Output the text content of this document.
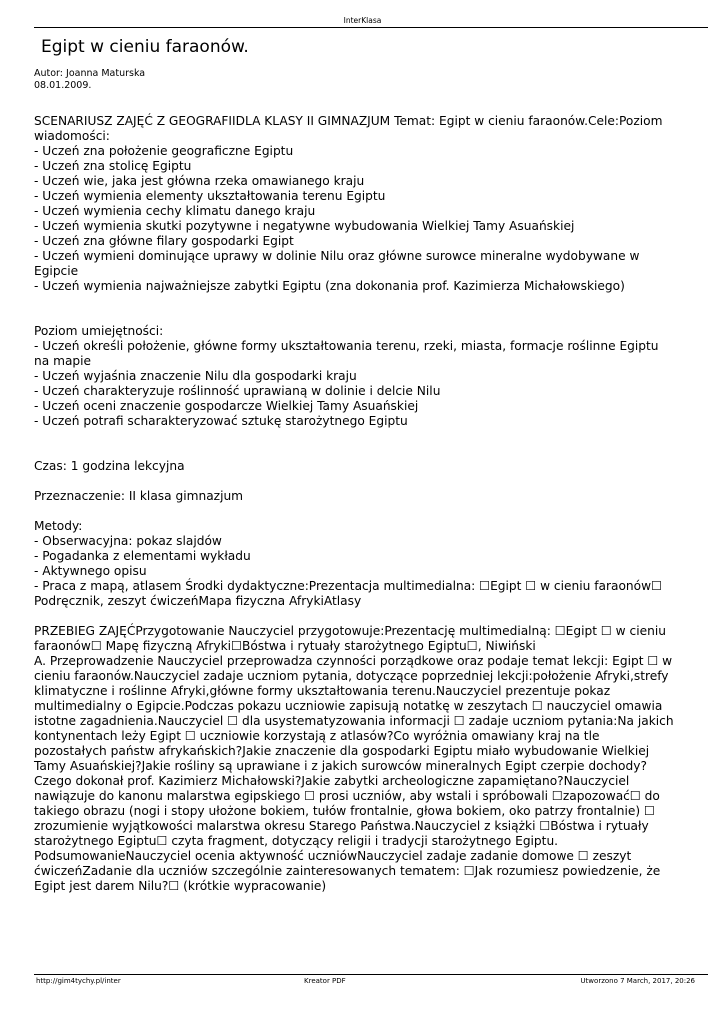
InterKlasa
Egipt w cieniu faraonów.
Autor: Joanna Maturska
08.01.2009.

SCENARIUSZ ZAJĘĆ Z GEOGRAFIIDLA KLASY II GIMNAZJUM Temat: Egipt w cieniu faraonów.Cele:Poziom wiadomości:

- Uczeń zna położenie geograficzne Egiptu
- Uczeń zna stolicę Egiptu
- Uczeń wie, jaka jest główna rzeka omawianego kraju
- Uczeń wymienia elementy ukształtowania terenu Egiptu
- Uczeń wymienia cechy klimatu danego kraju
- Uczeń wymienia skutki pozytywne i negatywne wybudowania Wielkiej Tamy Asuańskiej
- Uczeń zna główne filary gospodarki Egipt
- Uczeń wymieni dominujące uprawy w dolinie Nilu oraz główne surowce mineralne wydobywane w Egipcie
- Uczeń wymienia najważniejsze zabytki Egiptu (zna dokonania prof. Kazimierza Michałowskiego)

Poziom umiejętności:

- Uczeń określi położenie, główne formy ukształtowania terenu, rzeki, miasta, formacje roślinne Egiptu na mapie
- Uczeń wyjaśnia znaczenie Nilu dla gospodarki kraju
- Uczeń charakteryzuje roślinność uprawianą w dolinie i delcie Nilu
- Uczeń oceni znaczenie gospodarcze Wielkiej Tamy Asuańskiej
- Uczeń potrafi scharakteryzować sztukę starożytnego Egiptu

Czas: 1 godzina lekcyjna

Przeznaczenie: II klasa gimnazjum

Metody:

- Obserwacyjna: pokaz slajdów
- Pogadanka z elementami wykładu
- Aktywnego opisu
- Praca z mapą, atlasem Środki dydaktyczne:Prezentacja multimedialna: ☐Egipt ☐ w cieniu faraonów☐ Podręcznik, zeszyt ćwiczeńMapa fizyczna AfrykiAtlasy

PRZEBIEG ZAJĘĆPrzygotowanie Nauczyciel przygotowuje:Prezentację multimedialną: ☐Egipt ☐ w cieniu faraonów☐ Mapę fizyczną Afryki☐Bóstwa i rytuały starożytnego Egiptu☐, Niwiński
A. Przeprowadzenie Nauczyciel przeprowadza czynności porządkowe oraz podaje temat lekcji: Egipt ☐ w cieniu faraonów.Nauczyciel zadaje uczniom pytania, dotyczące poprzedniej lekcji:położenie Afryki,strefy klimatyczne i roślinne Afryki,główne formy ukształtowania terenu.Nauczyciel prezentuje pokaz multimedialny o Egipcie.Podczas pokazu uczniowie zapisują notatkę w zeszytach ☐ nauczyciel omawia istotne zagadnienia.Nauczyciel ☐ dla usystematyzowania informacji ☐ zadaje uczniom pytania:Na jakich kontynentach leży Egipt ☐ uczniowie korzystają z atlasów?Co wyróżnia omawiany kraj na tle pozostałych państw afrykańskich?Jakie znaczenie dla gospodarki Egiptu miało wybudowanie Wielkiej Tamy Asuańskiej?Jakie rośliny są uprawiane i z jakich surowców mineralnych Egipt czerpie dochody?Czego dokonał prof. Kazimierz Michałowski?Jakie zabytki archeologiczne zapamiętano?Nauczyciel nawiązuje do kanonu malarstwa egipskiego ☐ prosi uczniów, aby wstali i spróbowali ☐zapozować☐ do takiego obrazu (nogi i stopy ułożone bokiem, tułów frontalnie, głowa bokiem, oko patrzy frontalnie) ☐ zrozumienie wyjątkowości malarstwa okresu Starego Państwa.Nauczyciel z książki ☐Bóstwa i rytuały starożytnego Egiptu☐ czyta fragment, dotyczący religii i tradycji starożytnego Egiptu. PodsumowanieNauczyciel ocenia aktywność uczniówNauczyciel zadaje zadanie domowe ☐ zeszyt ćwiczeńZadanie dla uczniów szczególnie zainteresowanych tematem: ☐Jak rozumiesz powiedzenie, że Egipt jest darem Nilu?☐ (krótkie wypracowanie)

http://gim4tychy.pl/inter	Kreator PDF	Utworzono 7 March, 2017, 20:26
